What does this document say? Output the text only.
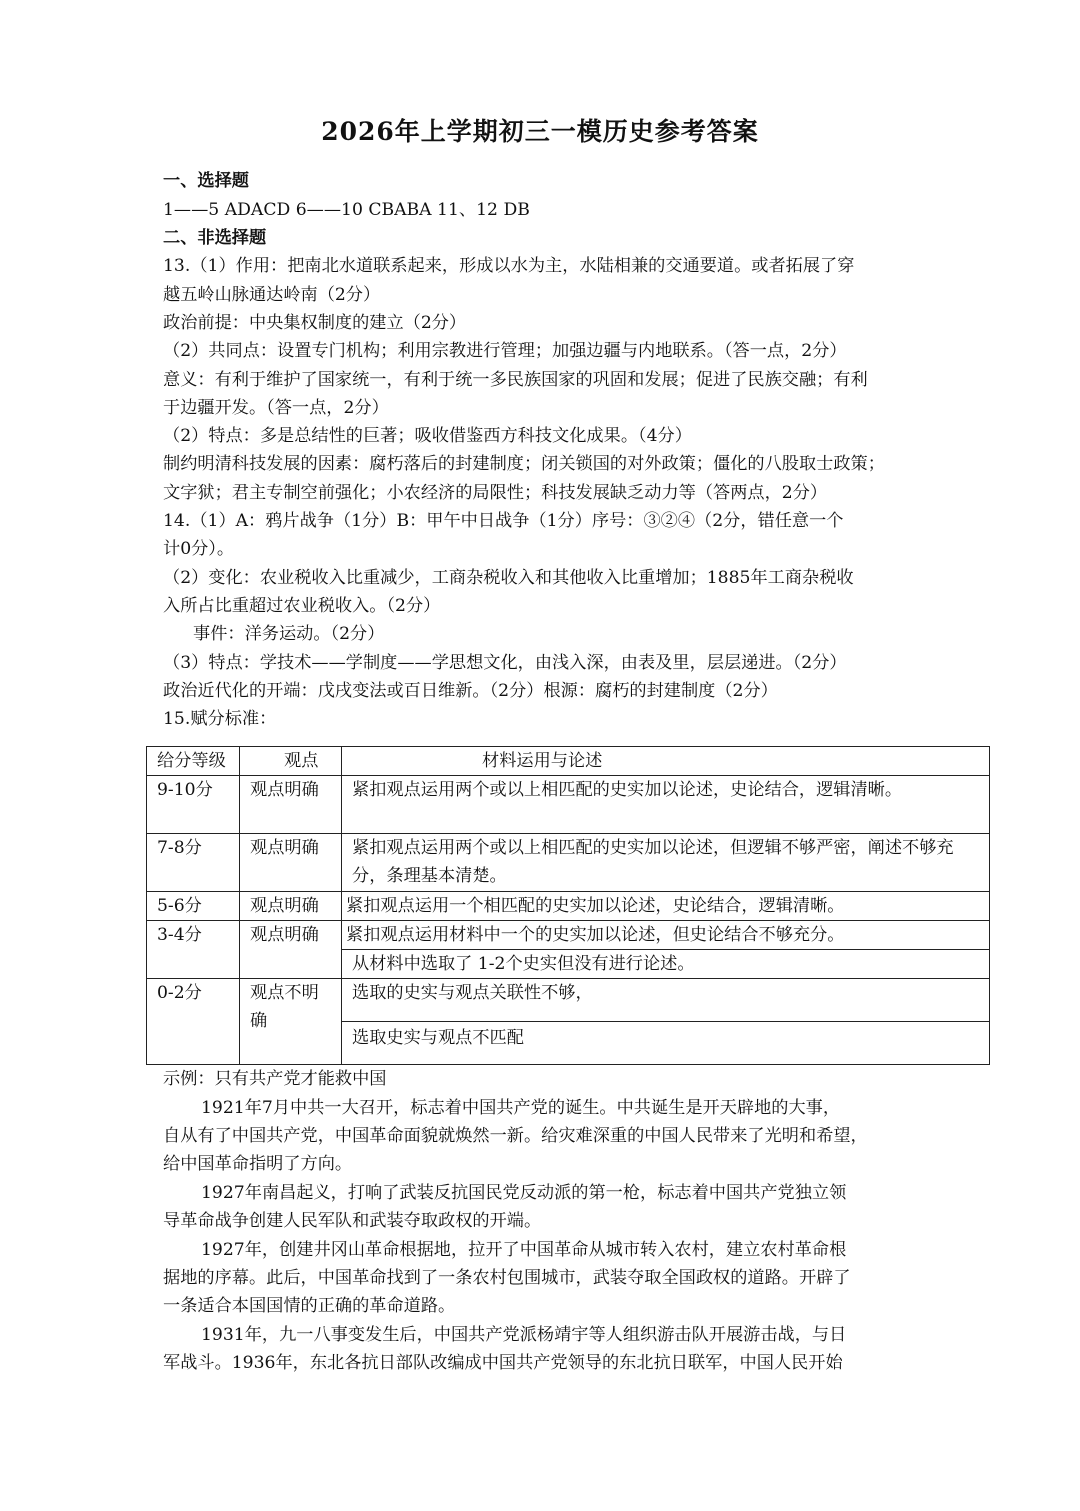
2026年上学期初三一模历史参考答案
一、选择题
1——5 ADACD 6——10 CBABA 11、12 DB
二、非选择题
13.（1）作用：把南北水道联系起来，形成以水为主，水陆相兼的交通要道。或者拓展了穿
越五岭山脉通达岭南（2分）
政治前提：中央集权制度的建立（2分）
（2）共同点：设置专门机构；利用宗教进行管理；加强边疆与内地联系。（答一点，2分）
意义：有利于维护了国家统一，有利于统一多民族国家的巩固和发展；促进了民族交融；有利
于边疆开发。（答一点，2分）
（2）特点：多是总结性的巨著；吸收借鉴西方科技文化成果。（4分）
制约明清科技发展的因素：腐朽落后的封建制度；闭关锁国的对外政策；僵化的八股取士政策；
文字狱；君主专制空前强化；小农经济的局限性；科技发展缺乏动力等（答两点，2分）
14.（1）A：鸦片战争（1分）B：甲午中日战争（1分）序号：③②④（2分，错任意一个
计0分）。
（2）变化：农业税收入比重减少，工商杂税收入和其他收入比重增加；1885年工商杂税收
入所占比重超过农业税收入。（2分）
事件：洋务运动。（2分）
（3）特点：学技术——学制度——学思想文化，由浅入深，由表及里，层层递进。（2分）
政治近代化的开端：戊戌变法或百日维新。（2分）根源：腐朽的封建制度（2分）
15.赋分标准：
给分等级	观点	材料运用与论述
9-10分	观点明确	紧扣观点运用两个或以上相匹配的史实加以论述，史论结合，逻辑清晰。
7-8分	观点明确	紧扣观点运用两个或以上相匹配的史实加以论述，但逻辑不够严密，阐述不够充分，条理基本清楚。
5-6分	观点明确	紧扣观点运用一个相匹配的史实加以论述，史论结合，逻辑清晰。
3-4分	观点明确	紧扣观点运用材料中一个的史实加以论述，但史论结合不够充分。
		从材料中选取了 1-2个史实但没有进行论述。
0-2分	观点不明确	选取的史实与观点关联性不够，
		选取史实与观点不匹配
示例：只有共产党才能救中国
1921年7月中共一大召开，标志着中国共产党的诞生。中共诞生是开天辟地的大事，
自从有了中国共产党，中国革命面貌就焕然一新。给灾难深重的中国人民带来了光明和希望，
给中国革命指明了方向。
1927年南昌起义，打响了武装反抗国民党反动派的第一枪，标志着中国共产党独立领
导革命战争创建人民军队和武装夺取政权的开端。
1927年，创建井冈山革命根据地，拉开了中国革命从城市转入农村，建立农村革命根
据地的序幕。此后，中国革命找到了一条农村包围城市，武装夺取全国政权的道路。开辟了
一条适合本国国情的正确的革命道路。
1931年，九一八事变发生后，中国共产党派杨靖宇等人组织游击队开展游击战，与日
军战斗。1936年，东北各抗日部队改编成中国共产党领导的东北抗日联军，中国人民开始
